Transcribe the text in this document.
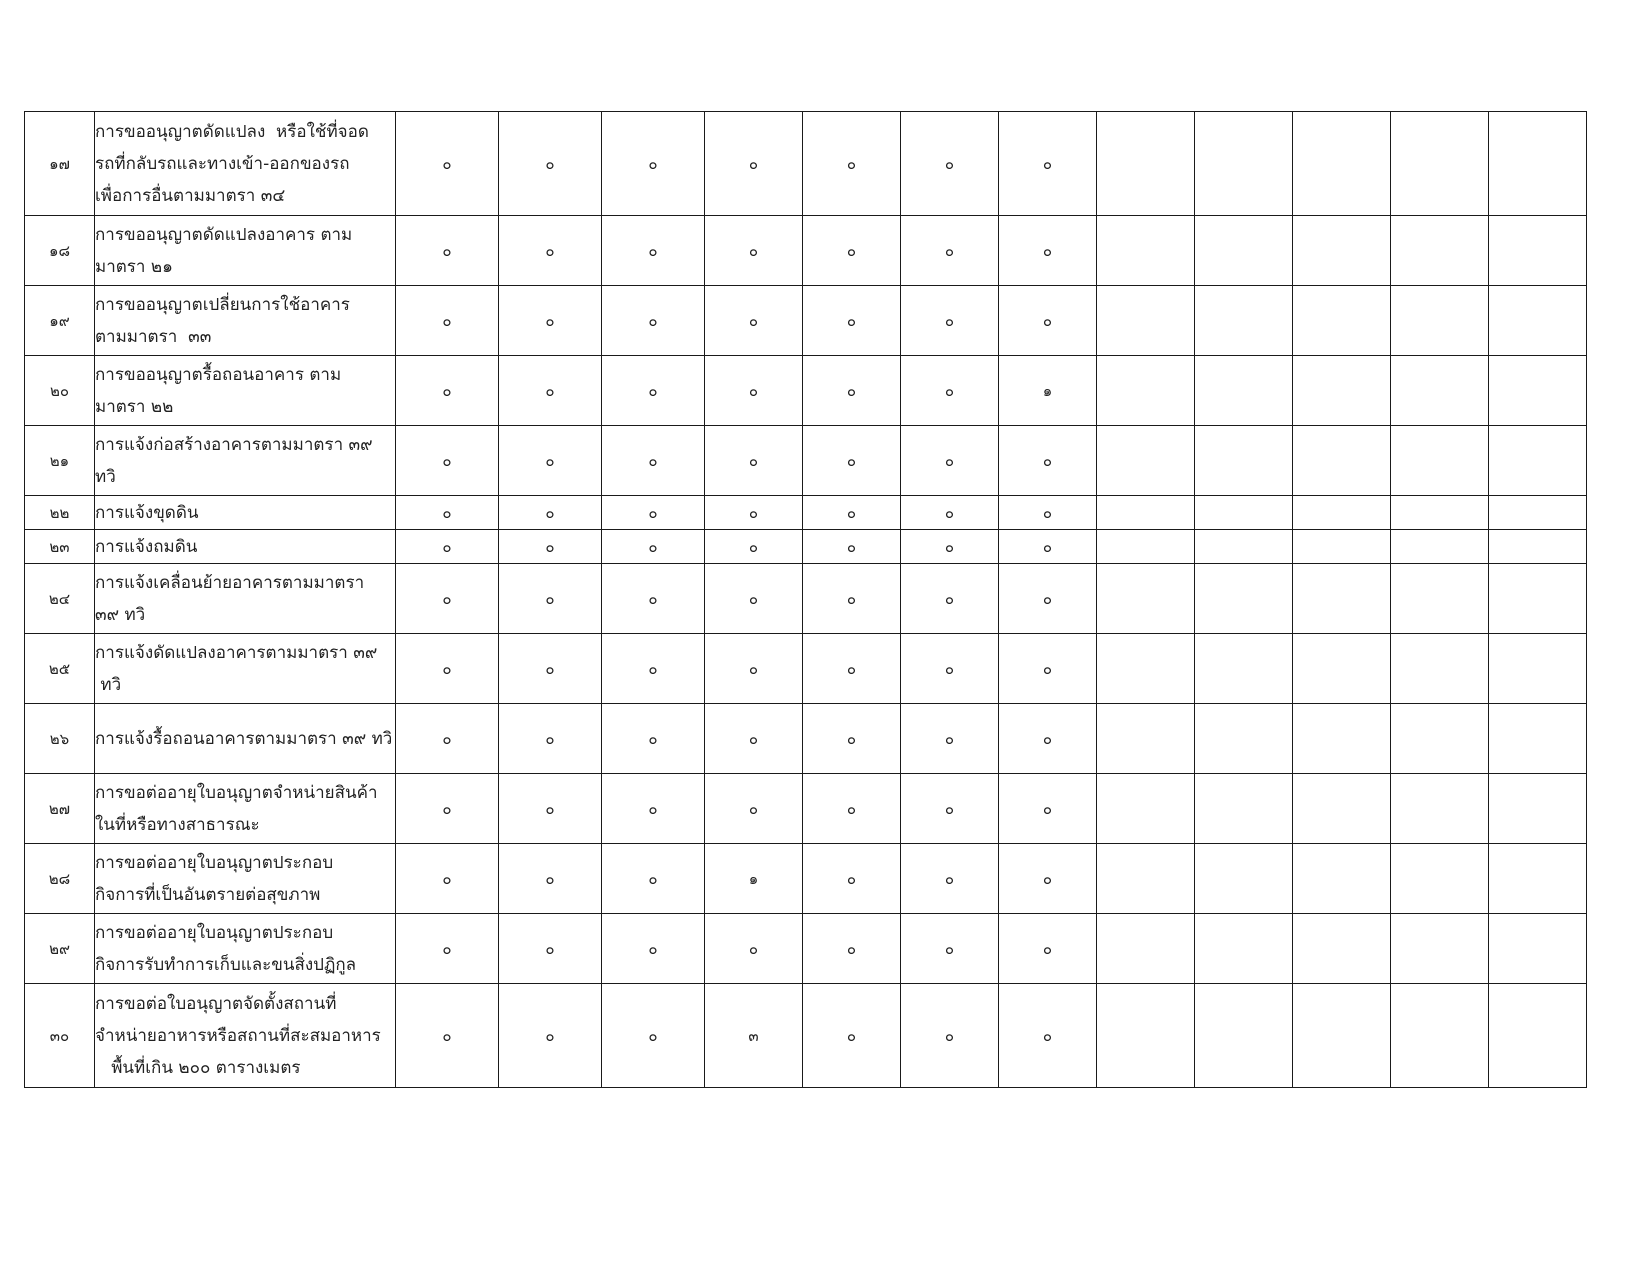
๑๗	การขออนุญาตดัดแปลง  หรือใช้ที่จอด
รถที่กลับรถและทางเข้า-ออกของรถ
เพื่อการอื่นตามมาตรา ๓๔	๐	๐	๐	๐	๐	๐	๐					
๑๘	การขออนุญาตดัดแปลงอาคาร ตาม
มาตรา ๒๑	๐	๐	๐	๐	๐	๐	๐					
๑๙	การขออนุญาตเปลี่ยนการใช้อาคาร
ตามมาตรา  ๓๓	๐	๐	๐	๐	๐	๐	๐					
๒๐	การขออนุญาตรื้อถอนอาคาร ตาม
มาตรา ๒๒	๐	๐	๐	๐	๐	๐	๑					
๒๑	การแจ้งก่อสร้างอาคารตามมาตรา ๓๙
ทวิ	๐	๐	๐	๐	๐	๐	๐					
๒๒	การแจ้งขุดดิน	๐	๐	๐	๐	๐	๐	๐					
๒๓	การแจ้งถมดิน	๐	๐	๐	๐	๐	๐	๐					
๒๔	การแจ้งเคลื่อนย้ายอาคารตามมาตรา
๓๙ ทวิ	๐	๐	๐	๐	๐	๐	๐					
๒๕	การแจ้งดัดแปลงอาคารตามมาตรา ๓๙
ทวิ	๐	๐	๐	๐	๐	๐	๐					
๒๖	การแจ้งรื้อถอนอาคารตามมาตรา ๓๙ ทวิ	๐	๐	๐	๐	๐	๐	๐					
๒๗	การขอต่ออายุใบอนุญาตจำหน่ายสินค้า
ในที่หรือทางสาธารณะ	๐	๐	๐	๐	๐	๐	๐					
๒๘	การขอต่ออายุใบอนุญาตประกอบ
กิจการที่เป็นอันตรายต่อสุขภาพ	๐	๐	๐	๑	๐	๐	๐					
๒๙	การขอต่ออายุใบอนุญาตประกอบ
กิจการรับทำการเก็บและขนสิ่งปฏิกูล	๐	๐	๐	๐	๐	๐	๐					
๓๐	การขอต่อใบอนุญาตจัดตั้งสถานที่
จำหน่ายอาหารหรือสถานที่สะสมอาหาร
พื้นที่เกิน ๒๐๐ ตารางเมตร	๐	๐	๐	๓	๐	๐	๐					
